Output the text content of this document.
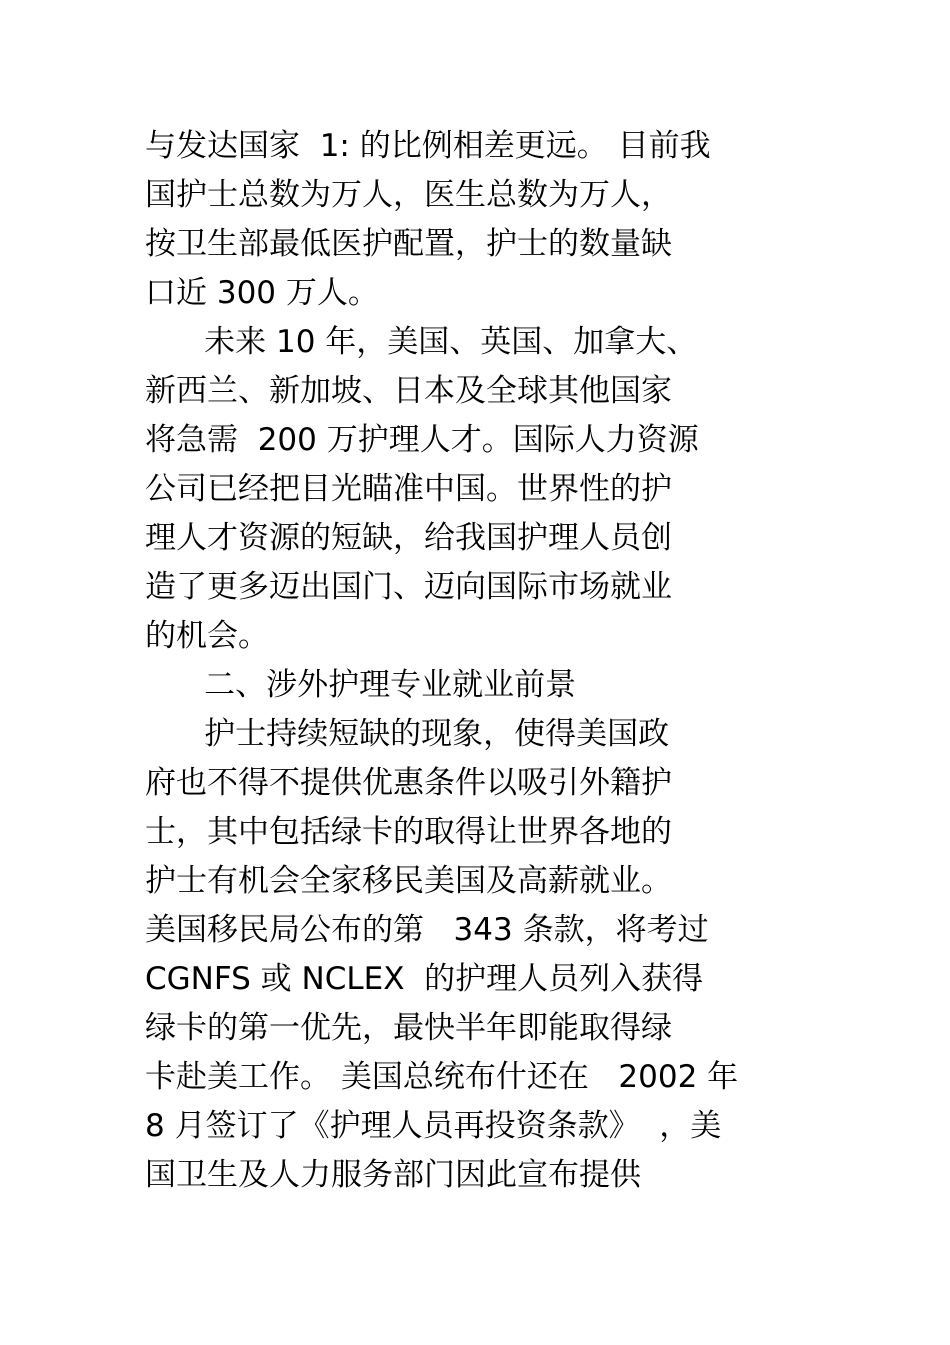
与发达国家  1: 的比例相差更远。 目前我
国护士总数为万人，医生总数为万人，
按卫生部最低医护配置，护士的数量缺
口近 300 万人。
未来 10 年，美国、英国、加拿大、
新西兰、新加坡、日本及全球其他国家
将急需  200 万护理人才。国际人力资源
公司已经把目光瞄准中国。世界性的护
理人才资源的短缺，给我国护理人员创
造了更多迈出国门、迈向国际市场就业
的机会。
二、涉外护理专业就业前景
护士持续短缺的现象，使得美国政
府也不得不提供优惠条件以吸引外籍护
士，其中包括绿卡的取得让世界各地的
护士有机会全家移民美国及高薪就业。
美国移民局公布的第   343 条款，将考过
CGNFS 或 NCLEX  的护理人员列入获得
绿卡的第一优先，最快半年即能取得绿
卡赴美工作。 美国总统布什还在   2002 年
8 月签订了《护理人员再投资条款》  ，美
国卫生及人力服务部门因此宣布提供
